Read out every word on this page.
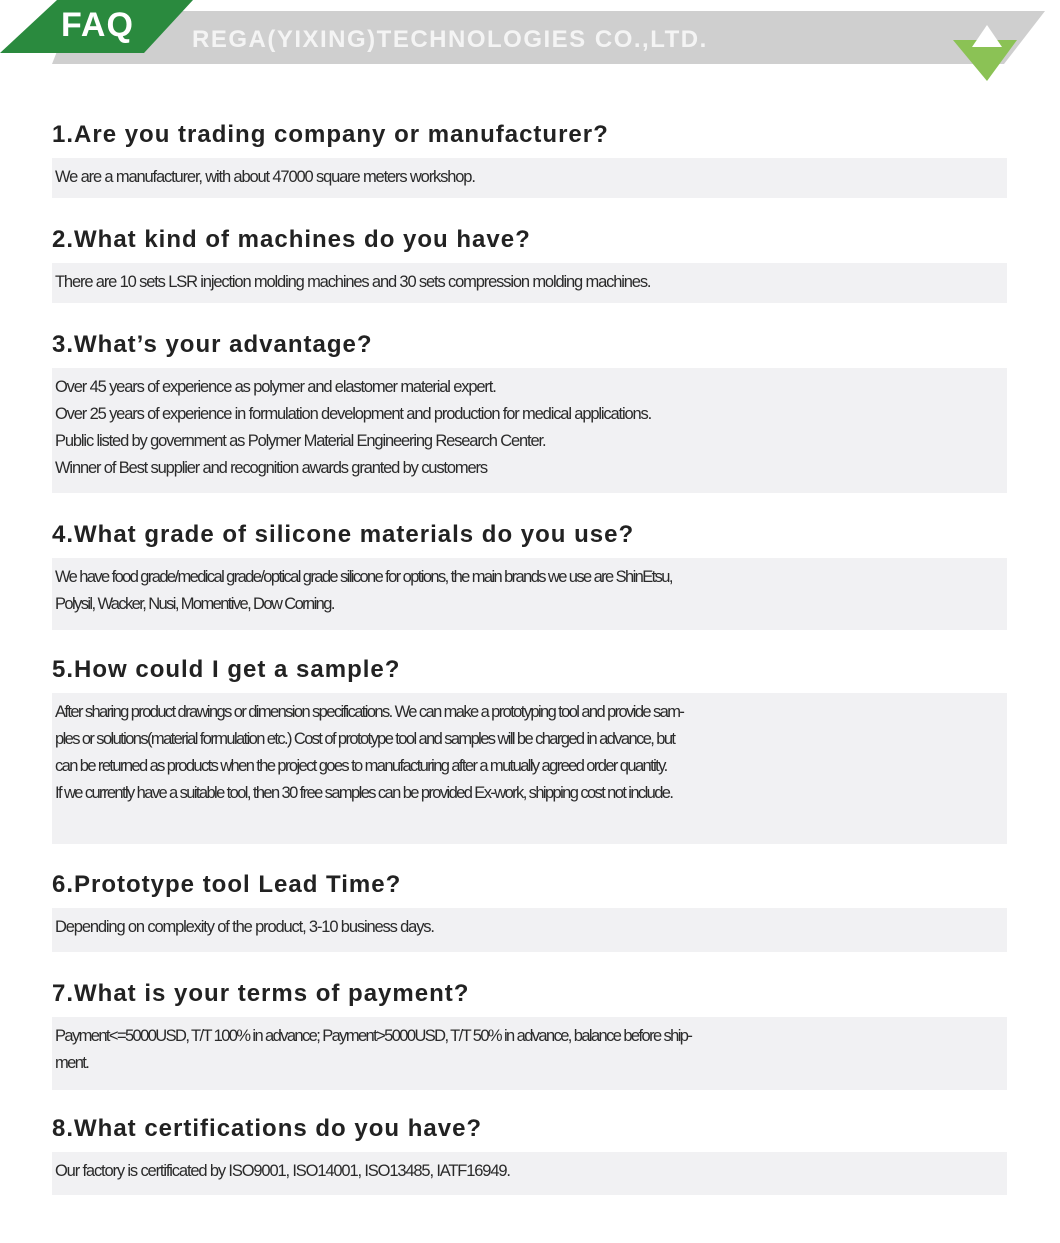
FAQ REGA(YIXING)TECHNOLOGIES CO.,LTD.
1.Are you trading company or manufacturer?

We are a manufacturer, with about 47000 square meters workshop.

2.What kind of machines do you have?

There are 10 sets LSR injection molding machines and 30 sets compression molding machines.

3.What’s your advantage?

Over 45 years of experience as polymer and elastomer material expert.

Over 25 years of experience in formulation development and production for medical applications.

Public listed by government as Polymer Material Engineering Research Center.

Winner of Best supplier and recognition awards granted by customers

4.What grade of silicone materials do you use?

We have food grade/medical grade/optical grade silicone for options, the main brands we use are ShinEtsu,

Polysil, Wacker, Nusi, Momentive, Dow Corning.

5.How could I get a sample?

After sharing product drawings or dimension specifications. We can make a prototyping tool and provide sam-

ples or solutions(material formulation etc.) Cost of prototype tool and samples will be charged in advance, but

can be returned as products when the project goes to manufacturing after a mutually agreed order quantity.

If we currently have a suitable tool, then 30 free samples can be provided Ex-work, shipping cost not include.

6.Prototype tool Lead Time?

Depending on complexity of the product, 3-10 business days.

7.What is your terms of payment?

Payment<=5000USD, T/T 100% in advance; Payment>5000USD, T/T 50% in advance, balance before ship-

ment.

8.What certifications do you have?

Our factory is certificated by ISO9001, ISO14001, ISO13485, IATF16949.
